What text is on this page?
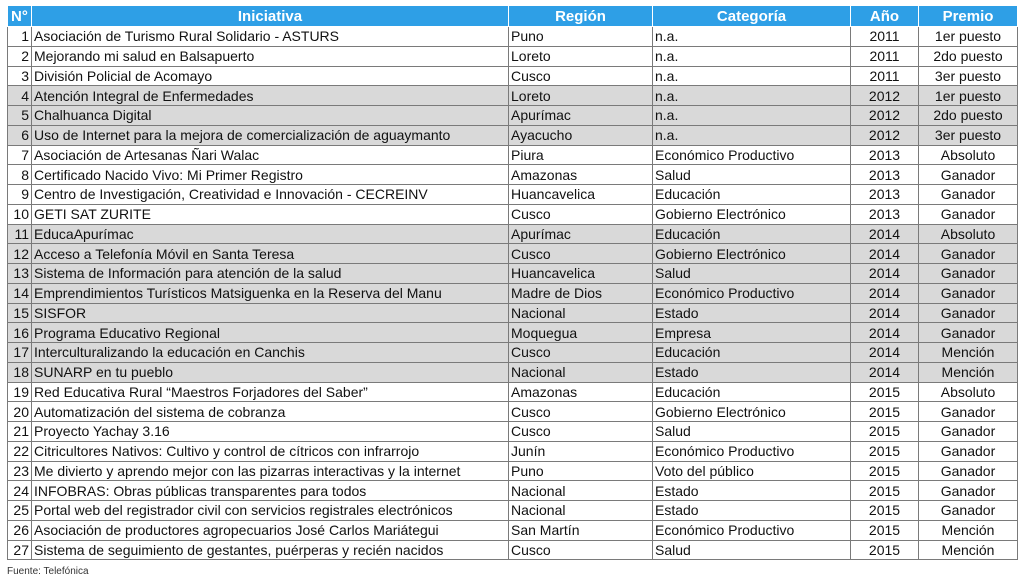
N°	Iniciativa	Región	Categoría	Año	Premio
1	Asociación de Turismo Rural Solidario - ASTURS	Puno	n.a.	2011	1er puesto
2	Mejorando mi salud en Balsapuerto	Loreto	n.a.	2011	2do puesto
3	División Policial de Acomayo	Cusco	n.a.	2011	3er puesto
4	Atención Integral de Enfermedades	Loreto	n.a.	2012	1er puesto
5	Chalhuanca Digital	Apurímac	n.a.	2012	2do puesto
6	Uso de Internet para la mejora de comercialización de aguaymanto	Ayacucho	n.a.	2012	3er puesto
7	Asociación de Artesanas Ñari Walac	Piura	Económico Productivo	2013	Absoluto
8	Certificado Nacido Vivo: Mi Primer Registro	Amazonas	Salud	2013	Ganador
9	Centro de Investigación, Creatividad e Innovación - CECREINV	Huancavelica	Educación	2013	Ganador
10	GETI SAT ZURITE	Cusco	Gobierno Electrónico	2013	Ganador
11	EducaApurímac	Apurímac	Educación	2014	Absoluto
12	Acceso a Telefonía Móvil en Santa Teresa	Cusco	Gobierno Electrónico	2014	Ganador
13	Sistema de Información para atención de la salud	Huancavelica	Salud	2014	Ganador
14	Emprendimientos Turísticos Matsiguenka en la Reserva del Manu	Madre de Dios	Económico Productivo	2014	Ganador
15	SISFOR	Nacional	Estado	2014	Ganador
16	Programa Educativo Regional	Moquegua	Empresa	2014	Ganador
17	Interculturalizando la educación en Canchis	Cusco	Educación	2014	Mención
18	SUNARP en tu pueblo	Nacional	Estado	2014	Mención
19	Red Educativa Rural “Maestros Forjadores del Saber”	Amazonas	Educación	2015	Absoluto
20	Automatización del sistema de cobranza	Cusco	Gobierno Electrónico	2015	Ganador
21	Proyecto Yachay 3.16	Cusco	Salud	2015	Ganador
22	Citricultores Nativos: Cultivo y control de cítricos con infrarrojo	Junín	Económico Productivo	2015	Ganador
23	Me divierto y aprendo mejor con las pizarras interactivas y la internet	Puno	Voto del público	2015	Ganador
24	INFOBRAS: Obras públicas transparentes para todos	Nacional	Estado	2015	Ganador
25	Portal web del registrador civil con servicios registrales electrónicos	Nacional	Estado	2015	Ganador
26	Asociación de productores agropecuarios José Carlos Mariátegui	San Martín	Económico Productivo	2015	Mención
27	Sistema de seguimiento de gestantes, puérperas y recién nacidos	Cusco	Salud	2015	Mención
Fuente: Telefónica
